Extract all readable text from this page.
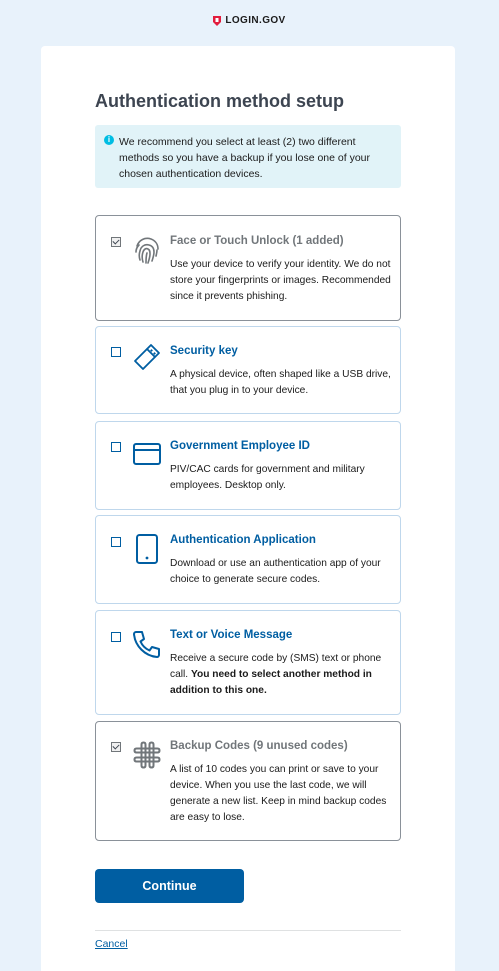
LOGIN.GOV
Authentication method setup
i We recommend you select at least (2) two different methods so you have a backup if you lose one of your chosen authentication devices.
Face or Touch Unlock (1 added)
Use your device to verify your identity. We do not store your fingerprints or images. Recommended since it prevents phishing.
Security key
A physical device, often shaped like a USB drive, that you plug in to your device.
Government Employee ID
PIV/CAC cards for government and military employees. Desktop only.
Authentication Application
Download or use an authentication app of your choice to generate secure codes.
Text or Voice Message
Receive a secure code by (SMS) text or phone call. You need to select another method in addition to this one.
Backup Codes (9 unused codes)
A list of 10 codes you can print or save to your device. When you use the last code, we will generate a new list. Keep in mind backup codes are easy to lose.
Continue
Cancel
